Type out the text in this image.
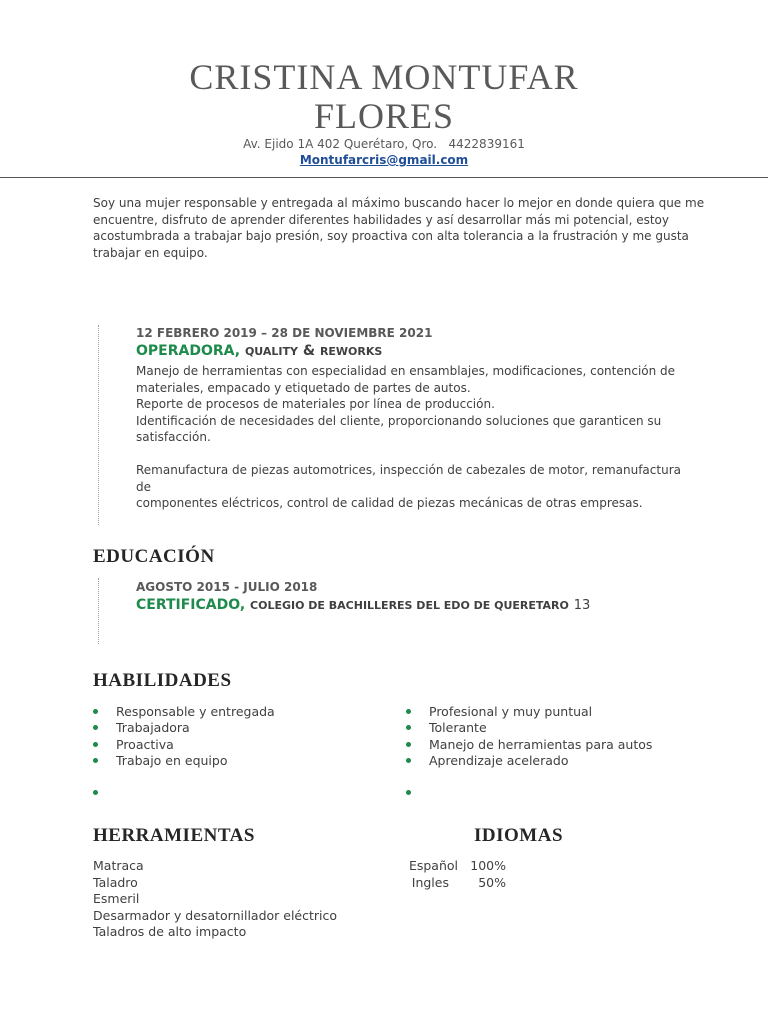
CRISTINA MONTUFAR
FLORES
Av. Ejido 1A 402 Querétaro, Qro.   4422839161
Montufarcris@gmail.com
Soy una mujer responsable y entregada al máximo buscando hacer lo mejor en donde quiera que me
encuentre, disfruto de aprender diferentes habilidades y así desarrollar más mi potencial, estoy
acostumbrada a trabajar bajo presión, soy proactiva con alta tolerancia a la frustración y me gusta
trabajar en equipo.
12 FEBRERO 2019 – 28 DE NOVIEMBRE 2021
OPERADORA, QUALITY & REWORKS
Manejo de herramientas con especialidad en ensamblajes, modificaciones, contención de
materiales, empacado y etiquetado de partes de autos.
Reporte de procesos de materiales por línea de producción.
Identificación de necesidades del cliente, proporcionando soluciones que garanticen su
satisfacción.
Remanufactura de piezas automotrices, inspección de cabezales de motor, remanufactura de
componentes eléctricos, control de calidad de piezas mecánicas de otras empresas.
EDUCACIÓN
AGOSTO 2015 - JULIO 2018
CERTIFICADO, COLEGIO DE BACHILLERES DEL EDO DE QUERETARO 13
HABILIDADES
Responsable y entregada
Trabajadora
Proactiva
Trabajo en equipo
Profesional y muy puntual
Tolerante
Manejo de herramientas para autos
Aprendizaje acelerado
HERRAMIENTAS
Matraca
Taladro
Esmeril
Desarmador y desatornillador eléctrico
Taladros de alto impacto
IDIOMAS
Español 100%
Ingles 50%
